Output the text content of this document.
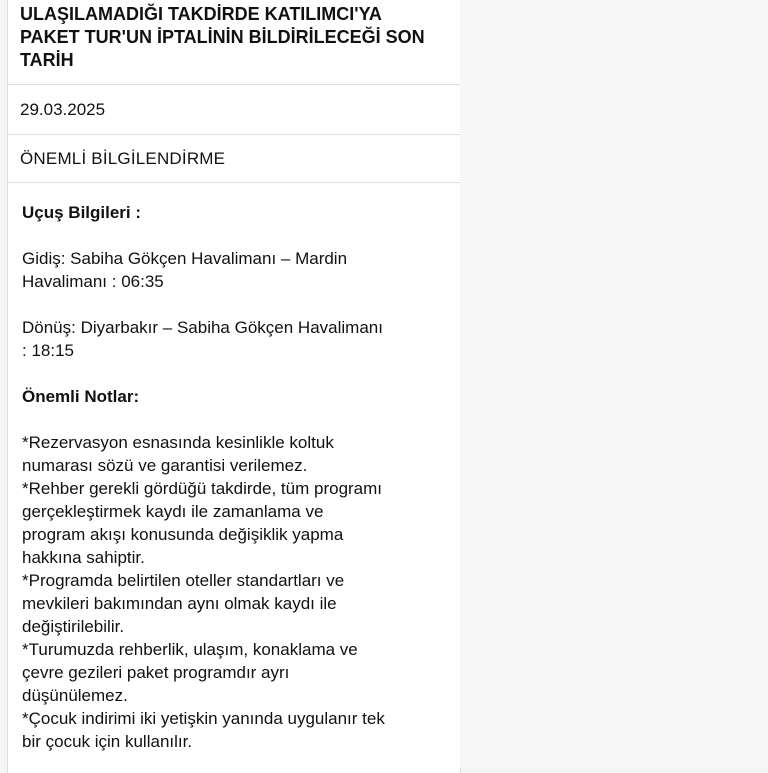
ULAŞILAMADIĞI TAKDİRDE KATILIMCI'YA
PAKET TUR'UN İPTALİNİN BİLDİRİLECEĞİ SON
TARİH
29.03.2025
ÖNEMLİ BİLGİLENDİRME
Uçuş Bilgileri :
Gidiş: Sabiha Gökçen Havalimanı – Mardin
Havalimanı : 06:35
Dönüş: Diyarbakır – Sabiha Gökçen Havalimanı
: 18:15
Önemli Notlar:
*Rezervasyon esnasında kesinlikle koltuk
numarası sözü ve garantisi verilemez.
*Rehber gerekli gördüğü takdirde, tüm programı
gerçekleştirmek kaydı ile zamanlama ve
program akışı konusunda değişiklik yapma
hakkına sahiptir.
*Programda belirtilen oteller standartları ve
mevkileri bakımından aynı olmak kaydı ile
değiştirilebilir.
*Turumuzda rehberlik, ulaşım, konaklama ve
çevre gezileri paket programdır ayrı
düşünülemez.
*Çocuk indirimi iki yetişkin yanında uygulanır tek
bir çocuk için kullanılır.
